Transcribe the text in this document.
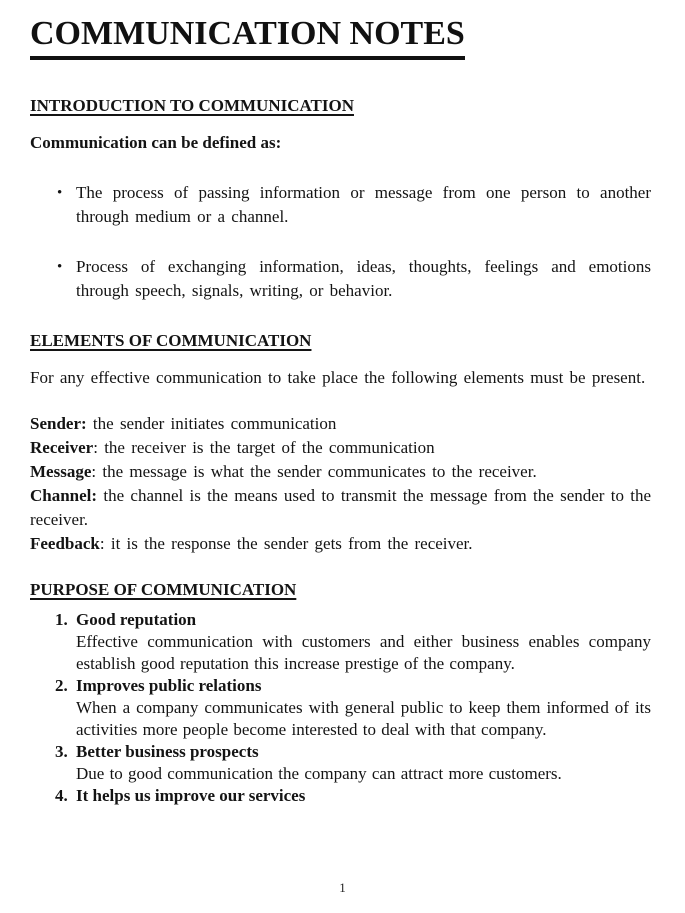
COMMUNICATION NOTES
INTRODUCTION TO COMMUNICATION

Communication can be defined as:

• The process of passing information or message from one person to another through medium or a channel.
• Process of exchanging information, ideas, thoughts, feelings and emotions through speech, signals, writing, or behavior.
ELEMENTS OF COMMUNICATION

For any effective communication to take place the following elements must be present.

Sender: the sender initiates communication

Receiver: the receiver is the target of the communication

Message: the message is what the sender communicates to the receiver.

Channel: the channel is the means used to transmit the message from the sender to the receiver.

Feedback: it is the response the sender gets from the receiver.

PURPOSE OF COMMUNICATION
1. Good reputation
Effective communication with customers and either business enables company establish good reputation this increase prestige of the company.
2. Improves public relations
When a company communicates with general public to keep them informed of its activities more people become interested to deal with that company.
3. Better business prospects
Due to good communication the company can attract more customers.
4. It helps us improve our services
1
